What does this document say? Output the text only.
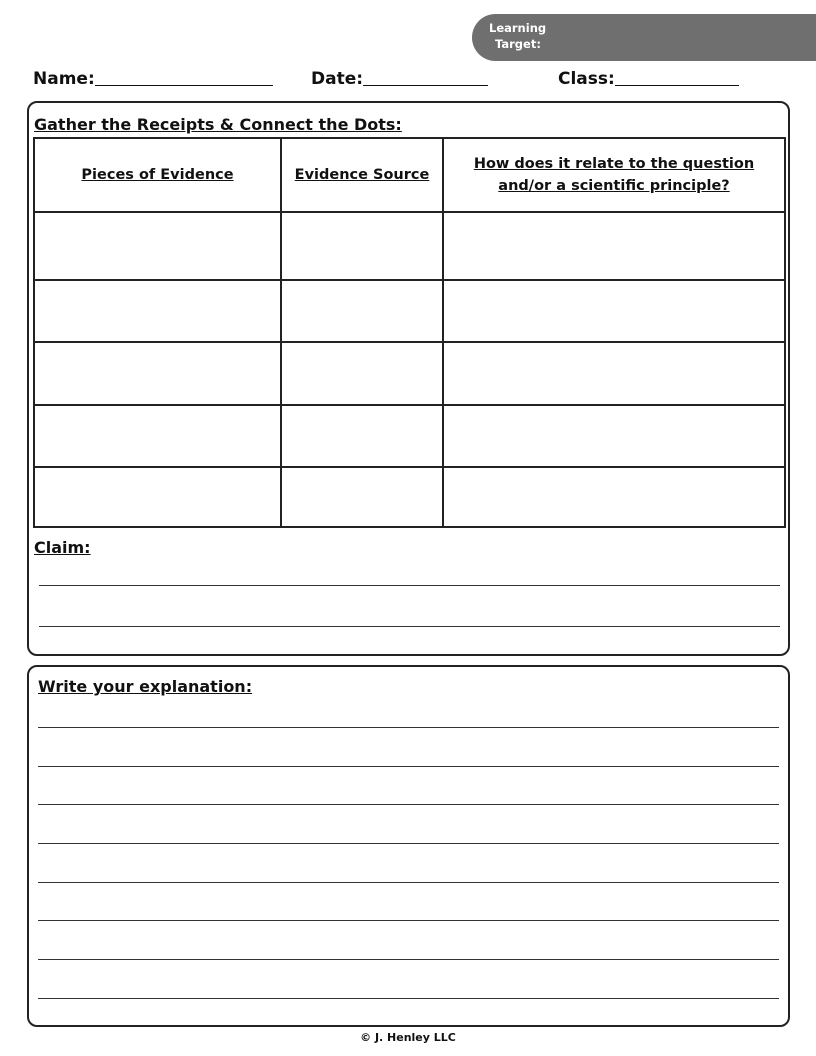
Learning
Target:
Name:	Date:	Class:
Gather the Receipts & Connect the Dots:
Pieces of Evidence	Evidence Source	How does it relate to the question and/or a scientific principle?

Claim:
Write your explanation:
© J. Henley LLC
